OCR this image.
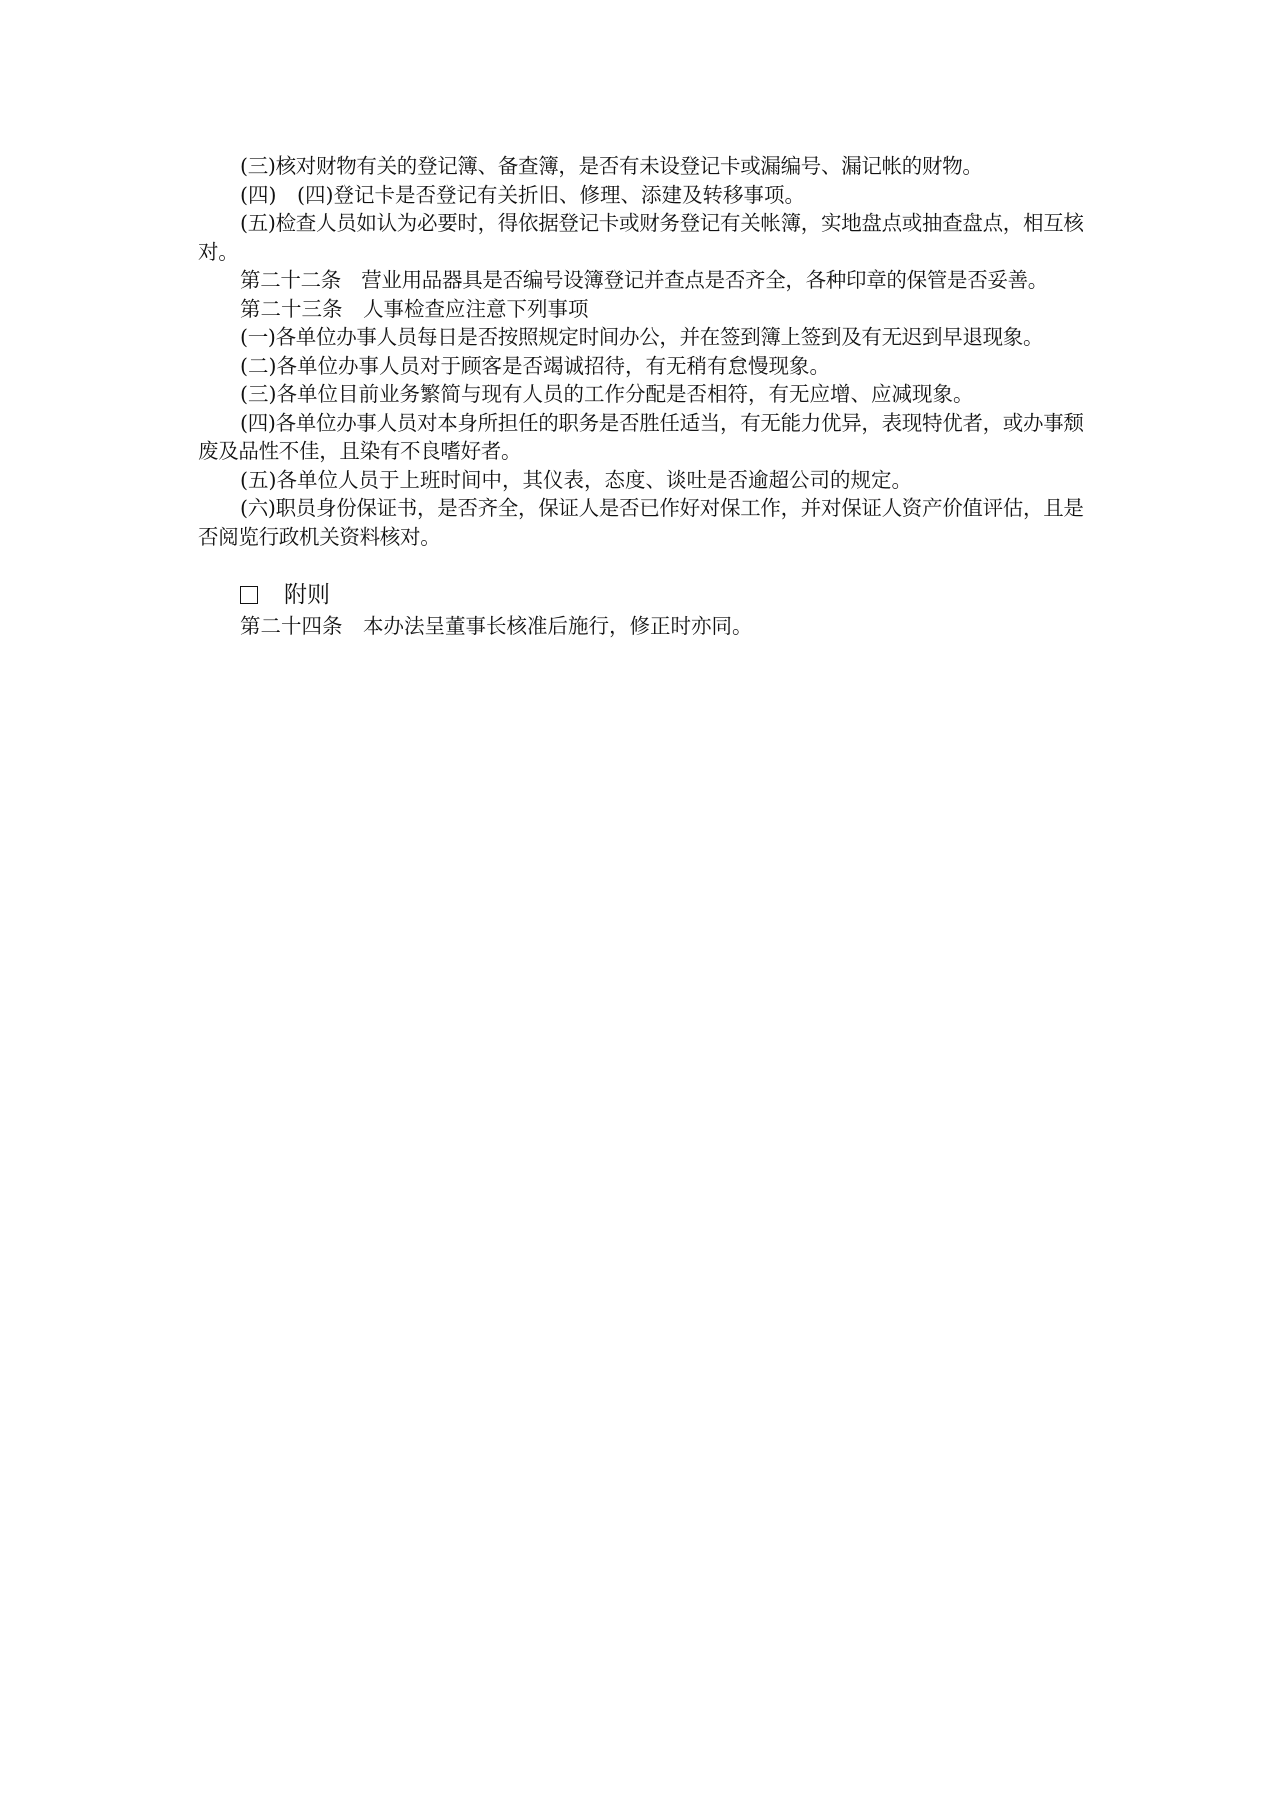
(三)核对财物有关的登记簿、备查簿，是否有未设登记卡或漏编号、漏记帐的财物。

(四)　(四)登记卡是否登记有关折旧、修理、添建及转移事项。

(五)检查人员如认为必要时，得依据登记卡或财务登记有关帐簿，实地盘点或抽查盘点，相互核对。

第二十二条　营业用品器具是否编号设簿登记并查点是否齐全，各种印章的保管是否妥善。

第二十三条　人事检查应注意下列事项

(一)各单位办事人员每日是否按照规定时间办公，并在签到簿上签到及有无迟到早退现象。

(二)各单位办事人员对于顾客是否竭诚招待，有无稍有怠慢现象。

(三)各单位目前业务繁简与现有人员的工作分配是否相符，有无应增、应减现象。

(四)各单位办事人员对本身所担任的职务是否胜任适当，有无能力优异，表现特优者，或办事颓废及品性不佳，且染有不良嗜好者。

(五)各单位人员于上班时间中，其仪表，态度、谈吐是否逾超公司的规定。

(六)职员身份保证书，是否齐全，保证人是否已作好对保工作，并对保证人资产价值评估，且是否阅览行政机关资料核对。

附则

第二十四条　本办法呈董事长核准后施行，修正时亦同。
